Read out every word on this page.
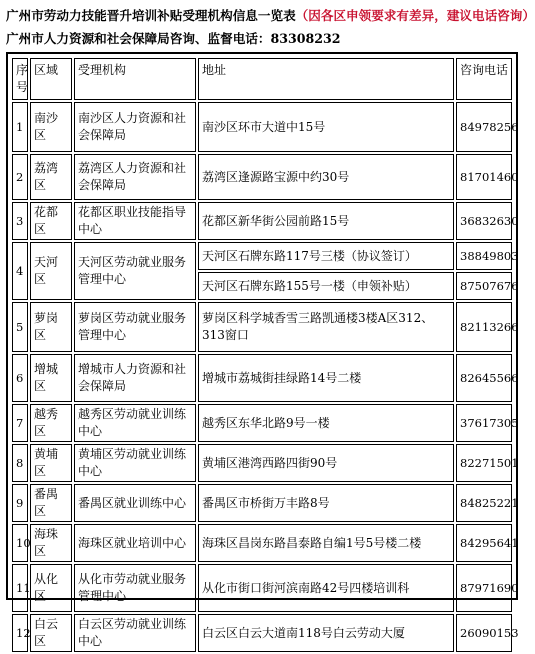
广州市劳动力技能晋升培训补贴受理机构信息一览表（因各区申领要求有差异，建议电话咨询）
广州市人力资源和社会保障局咨询、监督电话：83308232
序号	区域	受理机构	地址	咨询电话
1	南沙区	南沙区人力资源和社会保障局	南沙区环市大道中15号	84978256
2	荔湾区	荔湾区人力资源和社会保障局	荔湾区逢源路宝源中约30号	81701460
3	花都区	花都区职业技能指导中心	花都区新华街公园前路15号	36832630
4	天河区	天河区劳动就业服务管理中心	天河区石牌东路117号三楼（协议签订）	38849803
			天河区石牌东路155号一楼（申领补贴）	87507676
5	萝岗区	萝岗区劳动就业服务管理中心	萝岗区科学城香雪三路凯通楼3楼A区312、313窗口	82113266
6	增城区	增城市人力资源和社会保障局	增城市荔城街挂绿路14号二楼	82645566
7	越秀区	越秀区劳动就业训练中心	越秀区东华北路9号一楼	37617305
8	黄埔区	黄埔区劳动就业训练中心	黄埔区港湾西路四街90号	82271501
9	番禺区	番禺区就业训练中心	番禺区市桥街万丰路8号	84825221
10	海珠区	海珠区就业培训中心	海珠区昌岗东路昌泰路自编1号5号楼二楼	84295641
11	从化区	从化市劳动就业服务管理中心	从化市街口街河滨南路42号四楼培训科	87971690
12	白云区	白云区劳动就业训练中心	白云区白云大道南118号白云劳动大厦	26090153
